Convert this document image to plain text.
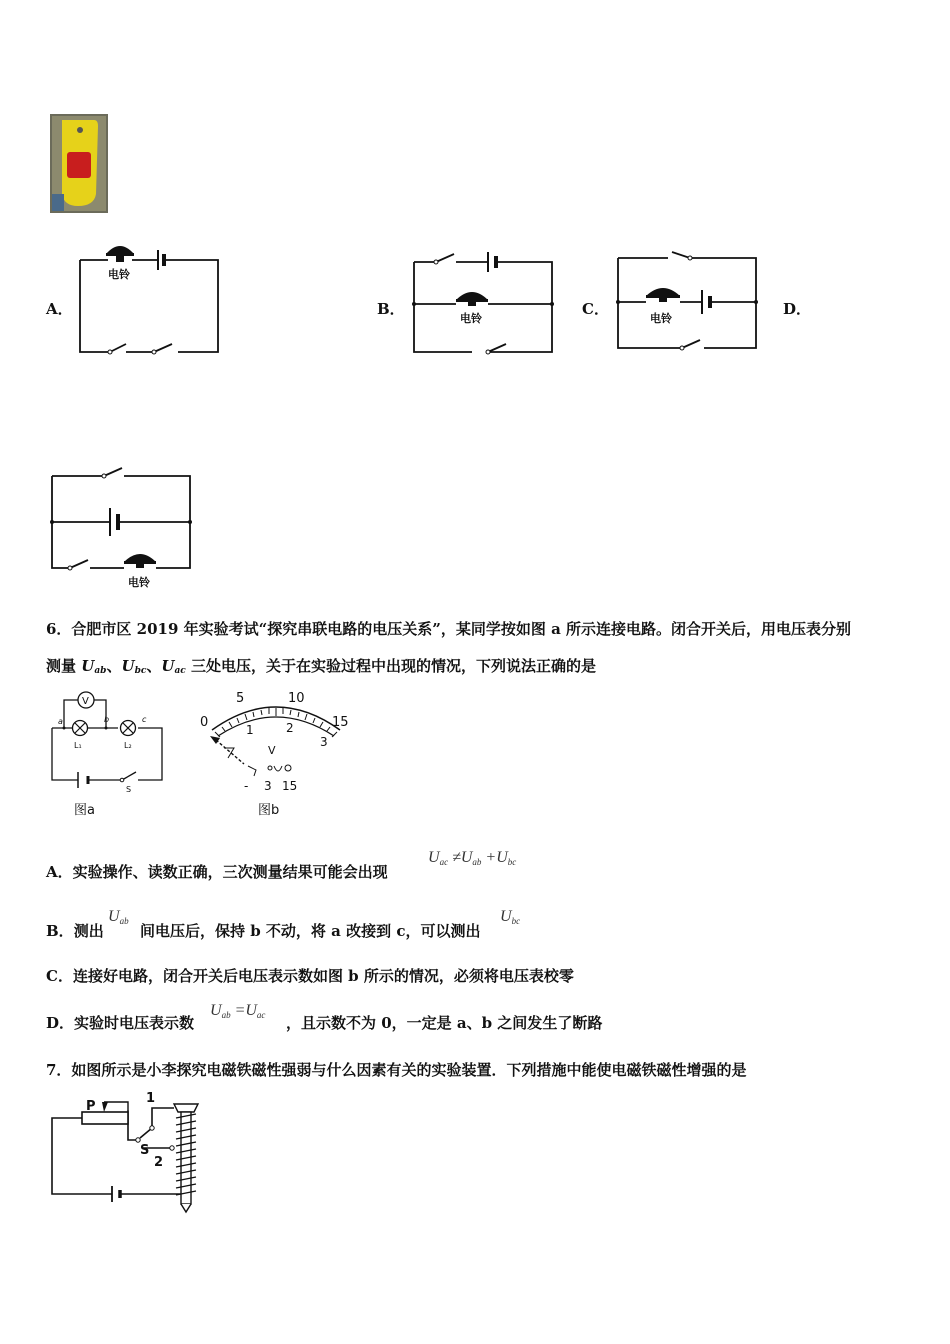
A．
电铃
B．
电铃
C．
电铃
D．
电铃
6．合肥市区 2019 年实验考试“探究串联电路的电压关系”，某同学按如图 a 所示连接电路。闭合开关后，用电压表分别
测量 Uab、Ubc、Uac 三处电压，关于在实验过程中出现的情况，下列说法正确的是
V
a	b	c
L₁	L₂
S
图a
0
5	10
15
1	2
3
V
- 3 15
图b
A．实验操作、读数正确，三次测量结果可能会出现
$U_{ac} \ne U_{ab} +U_{bc}$
B．测出
$U_{ab}$
间电压后，保持 b 不动，将 a 改接到 c，可以测出
$U_{bc}$
C．连接好电路，闭合开关后电压表示数如图 b 所示的情况，必须将电压表校零
D．实验时电压表示数
$U_{ab} =U_{ac}$ ，且示数不为 0，一定是 a、b 之间发生了断路
7．如图所示是小李探究电磁铁磁性强弱与什么因素有关的实验装置．下列措施中能使电磁铁磁性增强的是
P
1
S
2
